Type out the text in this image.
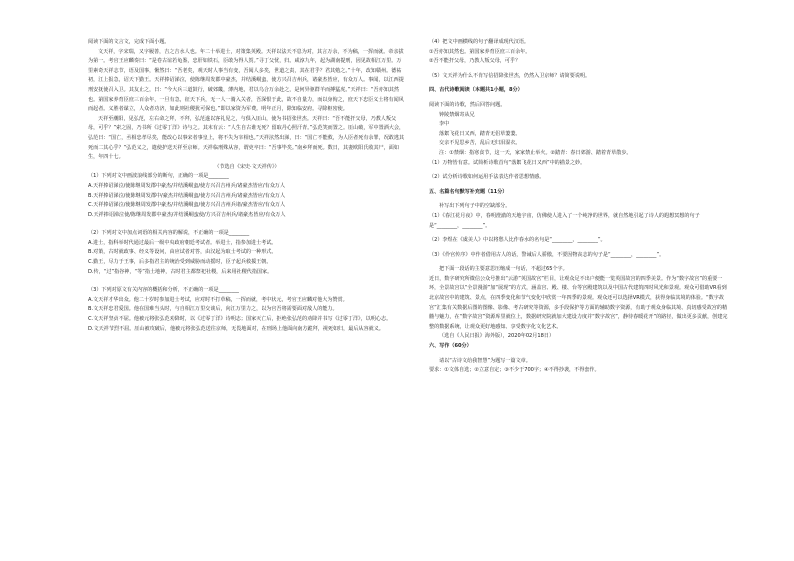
阅读下面的文言文，完成下面小题。

文天祥，字宋瑞，又字履善，吉之吉水人也。年二十举进士，对策集英殿。天祥以法天不息为对，其言万余，不为稿，一挥而就。帝亲拔为第一。考官王应麟奏曰：“是卷古谊若龟鉴，忠肝如铁石，臣敢为得人贺。”寻丁父忧，归。咸淳九年，起为湖南提刑，因见故相江万里。万里素奇天祥志节，语及国事，愀然曰：“吾老矣，观天时人事当有变，吾阅人多矣，世道之责，其在君乎？君其勉之。”十年，改知赣州。德祐初，江上报急，诏天下勤王。天祥捧诏涕泣，使陈继周发郡中豪杰，并结溪峒蛮，使方兴召吉州兵，诸豪杰皆应，有众万人。事闻，以江西提刑安抚使召入卫。其友止之，曰：“今大兵三道鼓行，破郊畿，薄内地，君以乌合万余赴之，是何异驱群羊而搏猛虎。”天祥曰：“吾亦知其然也。第国家养育臣庶三百余年，一旦有急，征天下兵，无一人一骑入关者，吾深恨于此，故不自量力，而以身徇之，庶天下忠臣义士将有闻风而起者。义胜者谋立，人众者功济，如此则社稷犹可保也。”即以家资为军费。明年正月，除知临安府。寻除枢密使。

天祥至潮阳，见弘范，左右命之拜，不拜，弘范遂以客礼见之，与俱入厓山，使为书招张世杰。天祥曰：“吾不能扞父母，乃教人叛父母，可乎？”索之固，乃书所《过零丁洋》诗与之。其末有云：“人生自古谁无死？留取丹心照汗青。”弘范笑而置之。厓山破，军中置酒大会，弘范曰：“国亡，丞相忠孝尽矣，能改心以事宋者事皇上，将不失为宰相也。”天祥泫然出涕，曰：“国亡不能救，为人臣者死有余罪，况敢逃其死而二其心乎？”弘范义之，遣使护送天祥至京师。天祥临刑殊从容，谓吏卒曰：“吾事毕矣。”南乡拜而死。数日，其妻欧阳氏收其尸，面如生，年四十七。

（节选自《宋史·文天祥传》）

（1）下列对文中画波浪线部分的断句，正确的一项是________

A.天祥捧诏涕泣/使陈继周发郡中豪杰/并结溪峒蛮/使方兴召吉州兵/诸豪杰皆应/有众万人

B.天祥捧诏涕泣/使陈继周发郡中/豪杰并结溪峒蛮/使方兴召吉州兵/诸豪杰皆应/有众万人

C.天祥捧诏涕泣/使陈继周发郡中豪杰/并结溪峒蛮/使方兴召吉州兵诸/豪杰皆应/有众万人

D.天祥捧诏涕泣使/陈继周发郡中豪杰/并结溪峒蛮使/方兴召吉州兵/诸豪杰皆应/有众万人

（2）下列对文中加点词语的相关内容的解说，不正确的一项是________

A.进士，指科举时代通过最后一级中央政府朝廷考试者。举进士，指参加进士考试。

B.对策，古时就政事、经义等设问，由应试者对答，由汉起为取士考试的一种形式。

C.勤王，尽力于王事，后多指君主的统治受到威胁而动摇时，臣子起兵救援王朝。

D.传，“过”指谷神，“等”指土地神，古时君主都祭祀社稷，后来用社稷代指国家。

（3）下列对原文有关内容的概括和分析，不正确的一项是________

A.文天祥才华出众。他二十岁时参加进士考试，应对时不打草稿，一挥而就，考中状元，考官王应麟对他大为赞赏。

B.文天祥忠君爱国。他在国难当头时，与自相江万里交谈后，向江万里力之，以为官吾将需要面对敌人的能力。

C.文天祥坚贞不屈。他被元将张弘范劝降时，以《过零丁洋》诗明志；国家灭亡后，拒绝张弘范的劝降并书写《过零丁洋》，以明心志。

D.文天祥节烈不屈。厓山被攻破后，他被元将张弘范送往京师，无畏地面对，在刑场上他面向南方跪拜，视死如归，最后从容就义。

（4）把文中画横线的句子翻译成现代汉语。

①吾亦知其然也。第国家养育臣庶三百余年。

②吾不能扞父母，乃教人叛父母，可乎？

（5）文天祥为什么不肯写信招降张世杰，仍然入卫京师？请简要说明。

四、古代诗歌阅读（本题共1小题，8分）

阅读下面的诗歌，然后回答问题。

钟陵禁烟寄从兄

李中

落絮飞花日又西，踏青无侣草萋萋。

交亲不见思乡苦，乱后无归泪湿衣。

注：①禁烟：指寒食节，这一天，家家禁止举火。②踏青：春日郊游、踏着青草散步。

（1）万物皆有意。试简析诗歌首句“落絮飞花日又西”中的描景之妙。

（2）试分析诗歌如何运用手法表达作者思想情感。

五、名篇名句默写补充题（11分）

补写出下列句子中的空缺部分。

（1）《春江花月夜》中，春明澄澈的天地宇宙，仿佛使人进入了一个纯净的世界，就自然地引起了诗人的遐想冥想的句子是“________，________”。

（2）李煜在《虞美人》中以将愁人比作春水的名句是“________，________”。

（3）《伶官传序》中作者借用古人的话，警诫后人骄傲，不要因物丧志的句子是“________，________”。

把下面一段话的主要意思压缩成一句话，不超过65个字。

近日，数字研究所微信公众号推出“云游”英国故宫”栏目，让观众足不出户便能一览英国故宫的四季美景。作为“数字故宫”的重要一环，全景故宫以“全景漫游”加“展现”的方式，涵盖宫、殿、楼、台等宫殿建筑以及中国古代建筑四时风光和景观。观众可借助VR看到北京故宫中的建筑、景点，在四季变化和节气变化中欣赏一年四季的景观。观众还可以选择VR模式，获得身临其境的体验。“数字故宫”汇集有关数据后图的图像、影像、考古研究等资源，多手段保护等方面的辅助数字资源，有助于观众身临其境、真切感受故宫的精髓与魅力，在“数字故宫”资源库里就位上，数据研究院就加大建设力度并“数字故宫”，静待春暖花开”的路径，做出更多贡献，创建完整的数据系统，让观众更好地感知、享受数字化文化艺术。

（选自《人民日报》海外版），2020年02月18日）

六、写作（60分）

请以“古诗文给我智慧”为题写一篇文章。

要求：①文体自选；②立意自定；③不少于700字；④不得抄袭，不得套作。
